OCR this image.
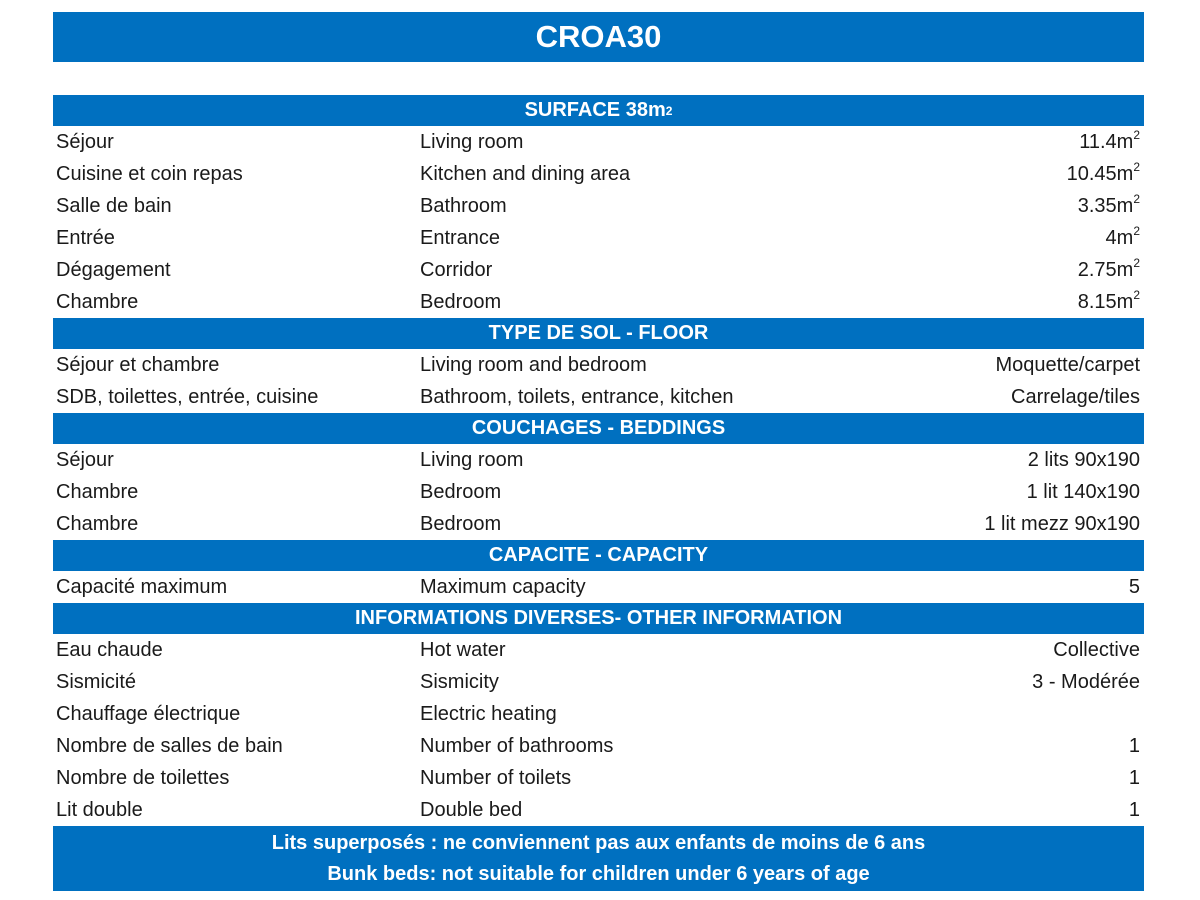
CROA30
SURFACE 38m 2
Séjour	Living room	$11.4m^2$
Cuisine et coin repas	Kitchen and dining area	$10.45m^2$
Salle de bain	Bathroom	$3.35m^2$
Entrée	Entrance	$4m^2$
Dégagement	Corridor	$2.75m^2$
Chambre	Bedroom	$8.15m^2$
TYPE DE SOL - FLOOR
Séjour et chambre	Living room and bedroom	Moquette/carpet
SDB, toilettes, entrée, cuisine	Bathroom, toilets, entrance, kitchen	Carrelage/tiles
COUCHAGES - BEDDINGS
Séjour	Living room	2 lits 90x190
Chambre	Bedroom	1 lit 140x190
Chambre	Bedroom	1 lit mezz 90x190
CAPACITE - CAPACITY
Capacité maximum	Maximum capacity	5
INFORMATIONS DIVERSES- OTHER INFORMATION
Eau chaude	Hot water	Collective
Sismicité	Sismicity	3 - Modérée
Chauffage électrique	Electric heating
Nombre de salles de bain	Number of bathrooms	1
Nombre de toilettes	Number of toilets	1
Lit double	Double bed	1
Lits superposés : ne conviennent pas aux enfants de moins de 6 ans
Bunk beds: not suitable for children under 6 years of age
